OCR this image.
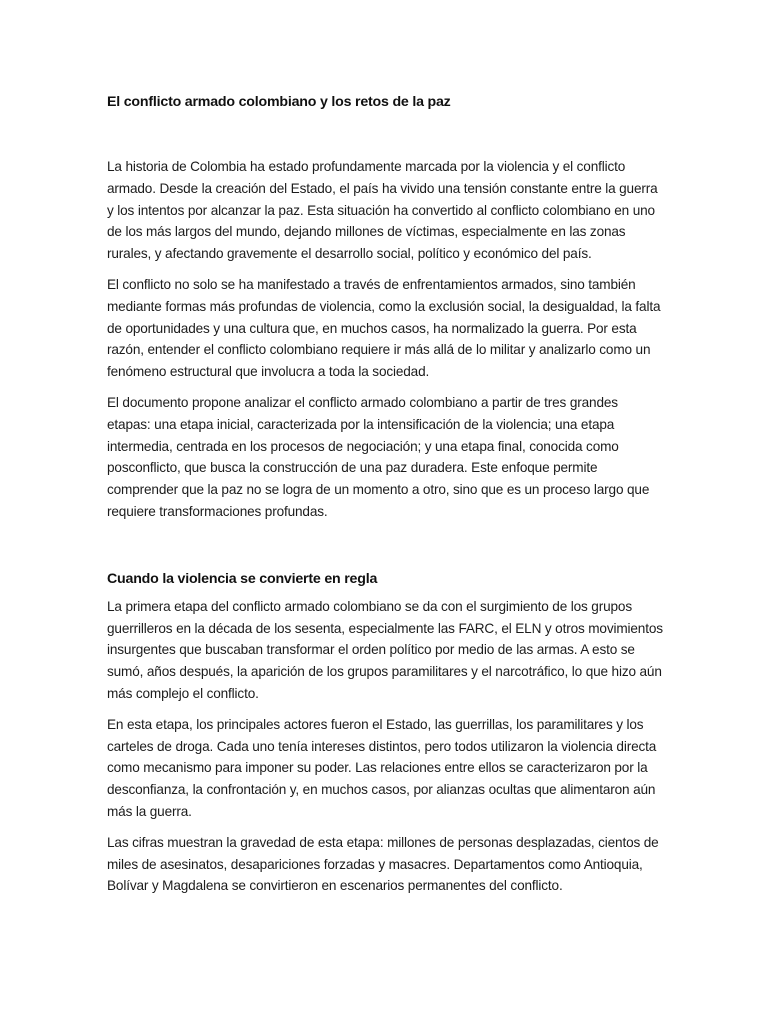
El conflicto armado colombiano y los retos de la paz

La historia de Colombia ha estado profundamente marcada por la violencia y el conflicto armado. Desde la creación del Estado, el país ha vivido una tensión constante entre la guerra y los intentos por alcanzar la paz. Esta situación ha convertido al conflicto colombiano en uno de los más largos del mundo, dejando millones de víctimas, especialmente en las zonas rurales, y afectando gravemente el desarrollo social, político y económico del país.

El conflicto no solo se ha manifestado a través de enfrentamientos armados, sino también mediante formas más profundas de violencia, como la exclusión social, la desigualdad, la falta de oportunidades y una cultura que, en muchos casos, ha normalizado la guerra. Por esta razón, entender el conflicto colombiano requiere ir más allá de lo militar y analizarlo como un fenómeno estructural que involucra a toda la sociedad.

El documento propone analizar el conflicto armado colombiano a partir de tres grandes etapas: una etapa inicial, caracterizada por la intensificación de la violencia; una etapa intermedia, centrada en los procesos de negociación; y una etapa final, conocida como posconflicto, que busca la construcción de una paz duradera. Este enfoque permite comprender que la paz no se logra de un momento a otro, sino que es un proceso largo que requiere transformaciones profundas.

Cuando la violencia se convierte en regla

La primera etapa del conflicto armado colombiano se da con el surgimiento de los grupos guerrilleros en la década de los sesenta, especialmente las FARC, el ELN y otros movimientos insurgentes que buscaban transformar el orden político por medio de las armas. A esto se sumó, años después, la aparición de los grupos paramilitares y el narcotráfico, lo que hizo aún más complejo el conflicto.

En esta etapa, los principales actores fueron el Estado, las guerrillas, los paramilitares y los carteles de droga. Cada uno tenía intereses distintos, pero todos utilizaron la violencia directa como mecanismo para imponer su poder. Las relaciones entre ellos se caracterizaron por la desconfianza, la confrontación y, en muchos casos, por alianzas ocultas que alimentaron aún más la guerra.

Las cifras muestran la gravedad de esta etapa: millones de personas desplazadas, cientos de miles de asesinatos, desapariciones forzadas y masacres. Departamentos como Antioquia, Bolívar y Magdalena se convirtieron en escenarios permanentes del conflicto.
